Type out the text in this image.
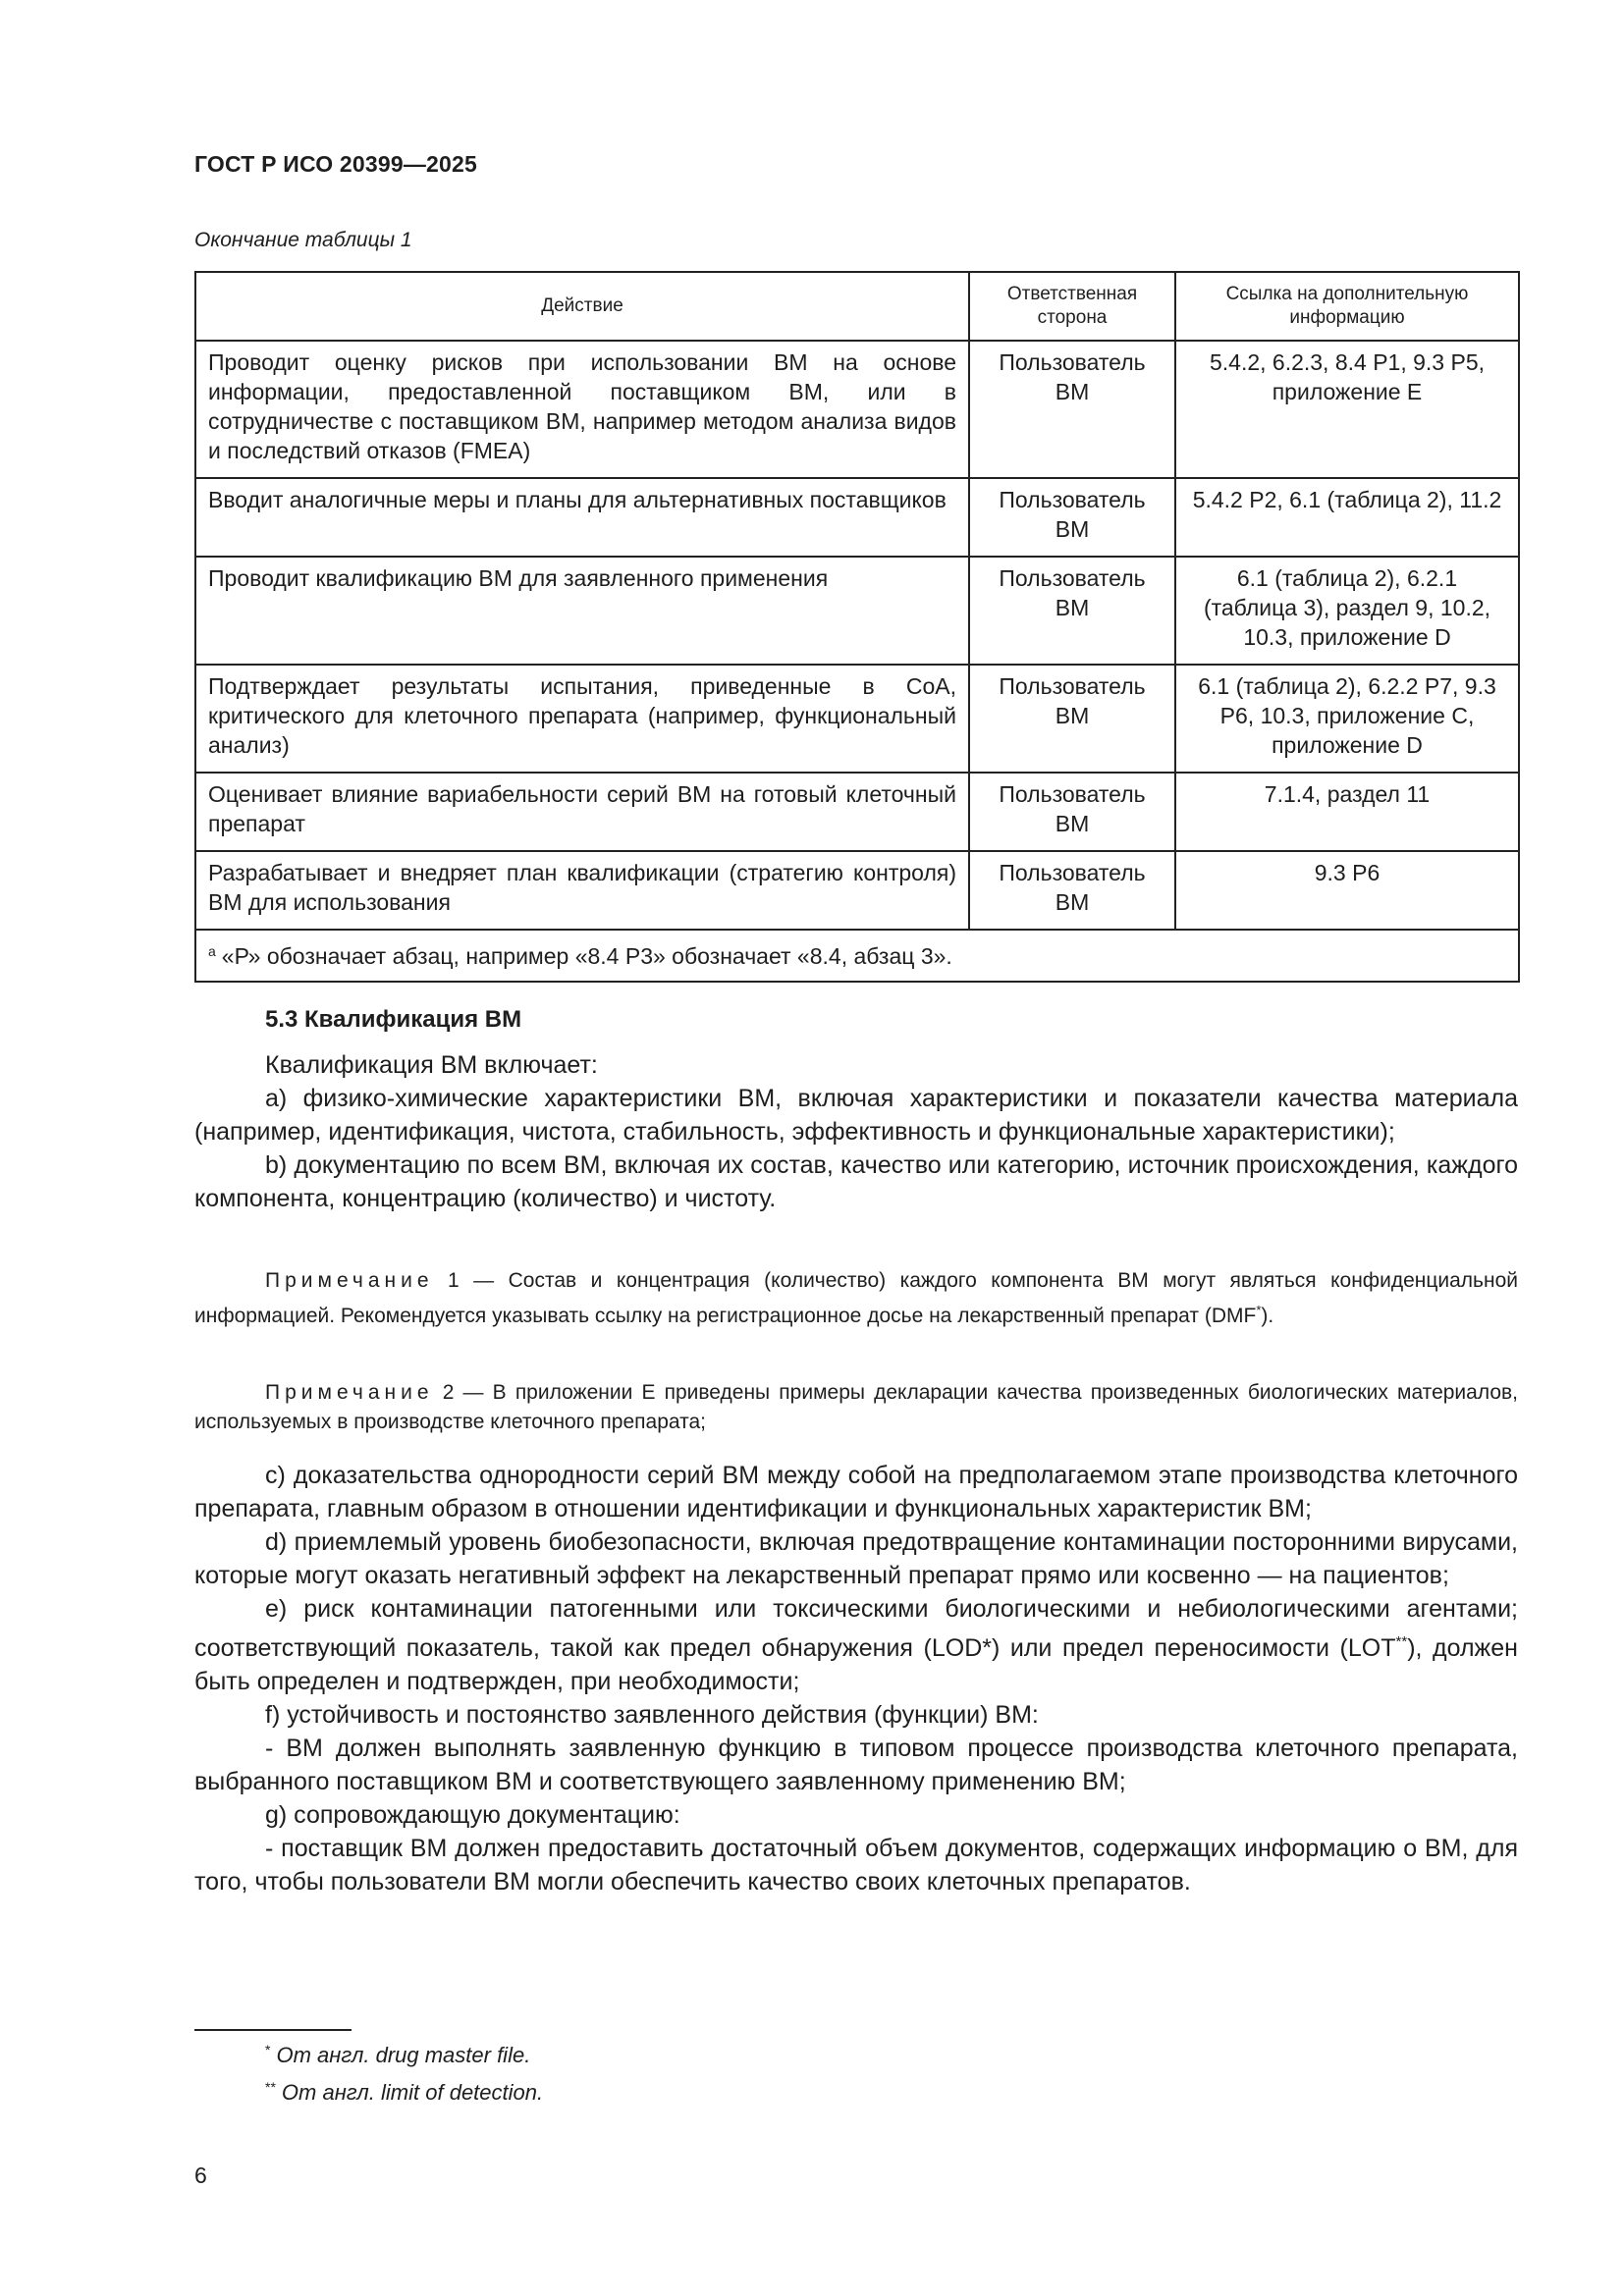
ГОСТ Р ИСО 20399—2025
Окончание таблицы 1
Действие	Ответственная сторона	Ссылка на дополнительную информацию
Проводит оценку рисков при использовании ВМ на основе информации, предоставленной поставщиком ВМ, или в сотрудничестве с поставщиком ВМ, например методом анализа видов и последствий отказов (FMEA)	Пользователь ВМ	5.4.2, 6.2.3, 8.4 Р1, 9.3 Р5, приложение Е
Вводит аналогичные меры и планы для альтернативных поставщиков	Пользователь ВМ	5.4.2 Р2, 6.1 (таблица 2), 11.2
Проводит квалификацию ВМ для заявленного применения	Пользователь ВМ	6.1 (таблица 2), 6.2.1 (таблица 3), раздел 9, 10.2, 10.3, приложение D
Подтверждает результаты испытания, приведенные в СоА, критического для клеточного препарата (например, функциональный анализ)	Пользователь ВМ	6.1 (таблица 2), 6.2.2 Р7, 9.3 Р6, 10.3, приложение С, приложение D
Оценивает влияние вариабельности серий ВМ на готовый клеточный препарат	Пользователь ВМ	7.1.4, раздел 11
Разрабатывает и внедряет план квалификации (стратегию контроля) ВМ для использования	Пользователь ВМ	9.3 Р6
$^а$ «Р» обозначает абзац, например «8.4 Р3» обозначает «8.4, абзац 3».		
5.3 Квалификация ВМ

Квалификация ВМ включает:

а) физико-химические характеристики ВМ, включая характеристики и показатели качества материала (например, идентификация, чистота, стабильность, эффективность и функциональные характеристики);

b) документацию по всем ВМ, включая их состав, качество или категорию, источник происхождения, каждого компонента, концентрацию (количество) и чистоту.

Примечание 1 — Состав и концентрация (количество) каждого компонента ВМ могут являться конфиденциальной информацией. Рекомендуется указывать ссылку на регистрационное досье на лекарственный препарат (DMF*).

Примечание 2 — В приложении Е приведены примеры декларации качества произведенных биологических материалов, используемых в производстве клеточного препарата;

с) доказательства однородности серий ВМ между собой на предполагаемом этапе производства клеточного препарата, главным образом в отношении идентификации и функциональных характеристик ВМ;

d) приемлемый уровень биобезопасности, включая предотвращение контаминации посторонними вирусами, которые могут оказать негативный эффект на лекарственный препарат прямо или косвенно — на пациентов;

е) риск контаминации патогенными или токсическими биологическими и небиологическими агентами; соответствующий показатель, такой как предел обнаружения (LOD*) или предел переносимости (LOT**), должен быть определен и подтвержден, при необходимости;

f) устойчивость и постоянство заявленного действия (функции) ВМ:

- ВМ должен выполнять заявленную функцию в типовом процессе производства клеточного препарата, выбранного поставщиком ВМ и соответствующего заявленному применению ВМ;

g) сопровождающую документацию:

- поставщик ВМ должен предоставить достаточный объем документов, содержащих информацию о ВМ, для того, чтобы пользователи ВМ могли обеспечить качество своих клеточных препаратов.

* От англ. drug master file.
** От англ. limit of detection.
6
